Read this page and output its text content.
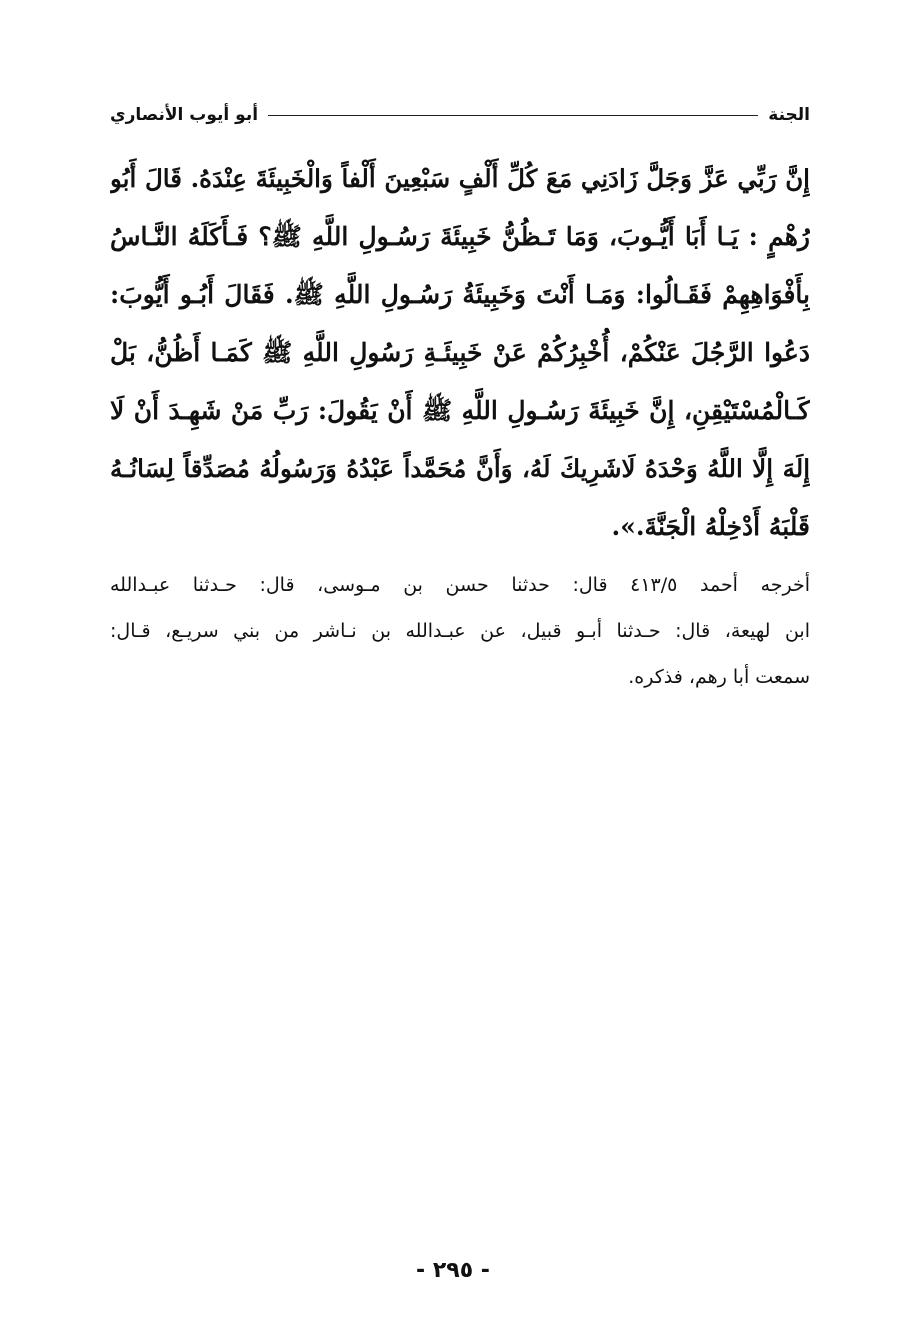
الجنة
أبو أيوب الأنصاري
إِنَّ رَبِّي عَزَّ وَجَلَّ زَادَنِي مَعَ كُلِّ أَلْفٍ سَبْعِينَ أَلْفاً وَالْخَبِيئَةَ عِنْدَهُ. قَالَ أَبُو
رُهْمٍ : يَـا أَبَا أَيُّـوبَ، وَمَا تَـظُنُّ خَبِيئَةَ رَسُـولِ اللَّهِ ﷺ؟ فَـأَكَلَهُ النَّـاسُ
بِأَفْوَاهِهِمْ فَقَـالُوا: وَمَـا أَنْتَ وَخَبِيئَةُ رَسُـولِ اللَّهِ ﷺ. فَقَالَ أَبُـو أَيُّوبَ:
دَعُوا الرَّجُلَ عَنْكُمْ، أُخْبِرُكُمْ عَنْ خَبِيئَـةِ رَسُولِ اللَّهِ ﷺ كَمَـا أَظُنُّ، بَلْ
كَـالْمُسْتَيْقِنِ، إِنَّ خَبِيئَةَ رَسُـولِ اللَّهِ ﷺ أَنْ يَقُولَ: رَبِّ مَنْ شَهِـدَ أَنْ لَا
إِلَهَ إِلَّا اللَّهُ وَحْدَهُ لَاشَرِيكَ لَهُ، وَأَنَّ مُحَمَّداً عَبْدُهُ وَرَسُولُهُ مُصَدِّقاً لِسَانُـهُ
قَلْبَهُ أَدْخِلْهُ الْجَنَّةَ.».
أخرجه أحمد ٤١٣/٥ قال: حدثنا حسن بن مـوسى، قال: حـدثنا عبـدالله
ابن لهيعة، قال: حـدثنا أبـو قبيل، عن عبـدالله بن نـاشر من بني سريـع، قـال:
سمعت أبا رهم، فذكره.
- ٢٩٥ -
